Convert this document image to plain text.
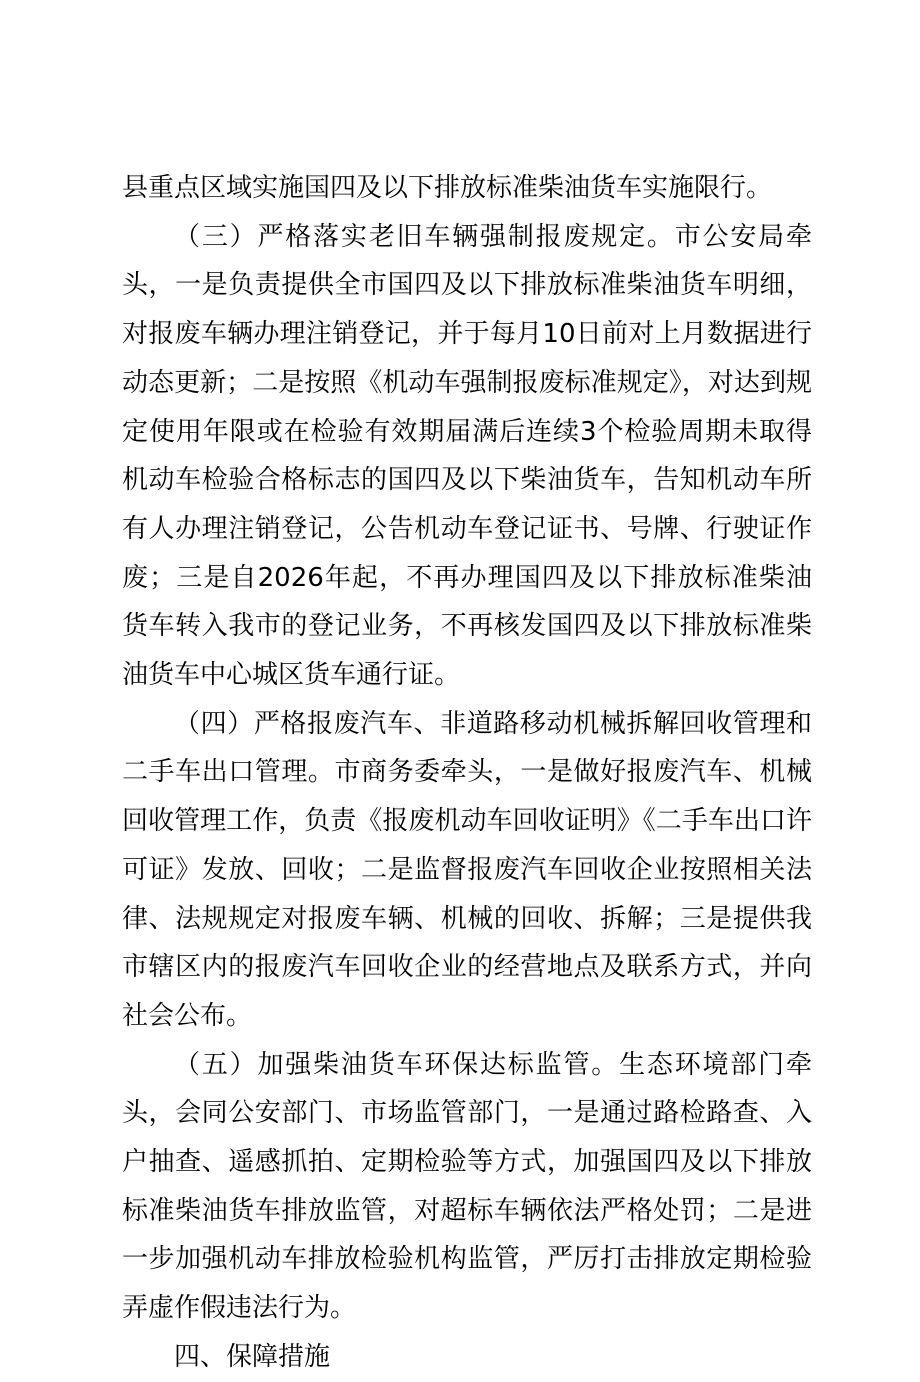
县重点区域实施国四及以下排放标准柴油货车实施限行。

（三）严格落实老旧车辆强制报废规定。市公安局牵头，一是负责提供全市国四及以下排放标准柴油货车明细，对报废车辆办理注销登记，并于每月10日前对上月数据进行动态更新；二是按照《机动车强制报废标准规定》，对达到规定使用年限或在检验有效期届满后连续3个检验周期未取得机动车检验合格标志的国四及以下柴油货车，告知机动车所有人办理注销登记，公告机动车登记证书、号牌、行驶证作废；三是自2026年起，不再办理国四及以下排放标准柴油货车转入我市的登记业务，不再核发国四及以下排放标准柴油货车中心城区货车通行证。

（四）严格报废汽车、非道路移动机械拆解回收管理和二手车出口管理。市商务委牵头，一是做好报废汽车、机械回收管理工作，负责《报废机动车回收证明》《二手车出口许可证》发放、回收；二是监督报废汽车回收企业按照相关法律、法规规定对报废车辆、机械的回收、拆解；三是提供我市辖区内的报废汽车回收企业的经营地点及联系方式，并向社会公布。

（五）加强柴油货车环保达标监管。生态环境部门牵头，会同公安部门、市场监管部门，一是通过路检路查、入户抽查、遥感抓拍、定期检验等方式，加强国四及以下排放标准柴油货车排放监管，对超标车辆依法严格处罚；二是进一步加强机动车排放检验机构监管，严厉打击排放定期检验弄虚作假违法行为。

四、保障措施
